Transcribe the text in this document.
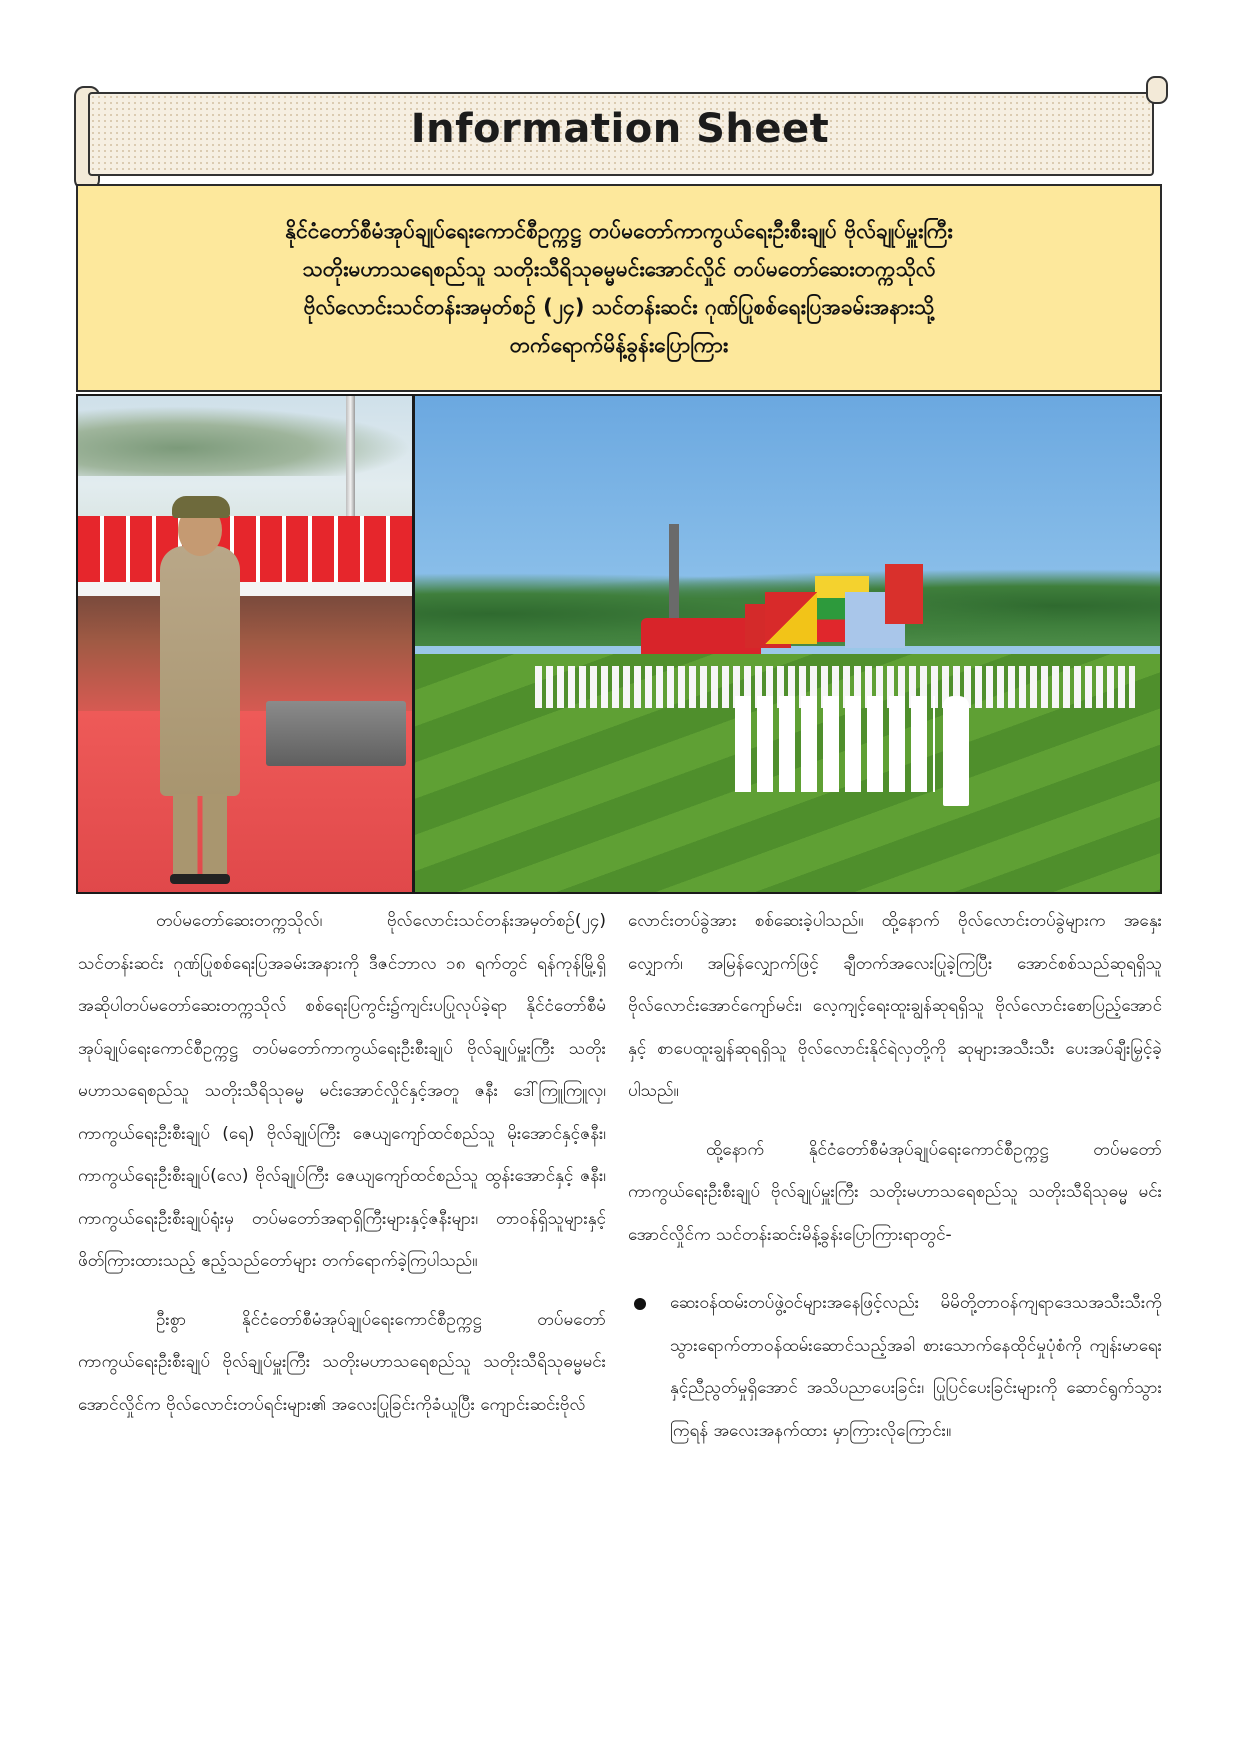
Information Sheet
နိုင်ငံတော်စီမံအုပ်ချုပ်ရေးကောင်စီဥက္ကဋ္ဌ တပ်မတော်ကာကွယ်ရေးဦးစီးချုပ် ဗိုလ်ချုပ်မှူးကြီး
သတိုးမဟာသရေစည်သူ သတိုးသီရိသုဓမ္မမင်းအောင်လှိုင် တပ်မတော်ဆေးတက္ကသိုလ်
ဗိုလ်လောင်းသင်တန်းအမှတ်စဉ် (၂၄) သင်တန်းဆင်း ဂုဏ်ပြုစစ်ရေးပြအခမ်းအနားသို့
တက်ရောက်မိန့်ခွန်းပြောကြား

တပ်မတော်ဆေးတက္ကသိုလ်၊ ဗိုလ်လောင်းသင်တန်းအမှတ်စဉ်(၂၄) သင်တန်းဆင်း ဂုဏ်ပြုစစ်ရေးပြအခမ်းအနားကို ဒီဇင်ဘာလ ၁၈ ရက်တွင် ရန်ကုန်မြို့ရှိ အဆိုပါတပ်မတော်ဆေးတက္ကသိုလ် စစ်ရေးပြကွင်း၌ကျင်းပပြုလုပ်ခဲ့ရာ နိုင်ငံတော်စီမံအုပ်ချုပ်ရေးကောင်စီဥက္ကဋ္ဌ တပ်မတော်ကာကွယ်ရေးဦးစီးချုပ် ဗိုလ်ချုပ်မှူးကြီး သတိုး မဟာသရေစည်သူ သတိုးသီရိသုဓမ္မ မင်းအောင်လှိုင်နှင့်အတူ ဇနီး ဒေါ်ကြူကြူလှ၊ ကာကွယ်ရေးဦးစီးချုပ် (ရေ) ဗိုလ်ချုပ်ကြီး ဇေယျကျော်ထင်စည်သူ မိုးအောင်နှင့်ဇနီး၊ ကာကွယ်ရေးဦးစီးချုပ်(လေ) ဗိုလ်ချုပ်ကြီး ဇေယျကျော်ထင်စည်သူ ထွန်းအောင်နှင့် ဇနီး၊ ကာကွယ်ရေးဦးစီးချုပ်ရုံးမှ တပ်မတော်အရာရှိကြီးများနှင့်ဇနီးများ၊ တာဝန်ရှိသူများနှင့် ဖိတ်ကြားထားသည့် ဧည့်သည်တော်များ တက်ရောက်ခဲ့ကြပါသည်။

ဦးစွာ နိုင်ငံတော်စီမံအုပ်ချုပ်ရေးကောင်စီဥက္ကဋ္ဌ တပ်မတော်ကာကွယ်ရေးဦးစီးချုပ် ဗိုလ်ချုပ်မှူးကြီး သတိုးမဟာသရေစည်သူ သတိုးသီရိသုဓမ္မမင်းအောင်လှိုင်က ဗိုလ်လောင်းတပ်ရင်းများ၏ အလေးပြုခြင်းကိုခံယူပြီး ကျောင်းဆင်းဗိုလ်

လောင်းတပ်ခွဲအား စစ်ဆေးခဲ့ပါသည်။ ထို့နောက် ဗိုလ်လောင်းတပ်ခွဲများက အနှေးလျှောက်၊ အမြန်လျှောက်ဖြင့် ချီတက်အလေးပြုခဲ့ကြပြီး အောင်စစ်သည်ဆုရရှိသူ ဗိုလ်လောင်းအောင်ကျော်မင်း၊ လေ့ကျင့်ရေးထူးချွန်ဆုရရှိသူ ဗိုလ်လောင်းစောပြည့်အောင်နှင့် စာပေထူးချွန်ဆုရရှိသူ ဗိုလ်လောင်းနိုင်ရဲလှတို့ကို ဆုများအသီးသီး ပေးအပ်ချီးမြှင့်ခဲ့ပါသည်။

ထို့နောက် နိုင်ငံတော်စီမံအုပ်ချုပ်ရေးကောင်စီဥက္ကဋ္ဌ တပ်မတော်ကာကွယ်ရေးဦးစီးချုပ် ဗိုလ်ချုပ်မှူးကြီး သတိုးမဟာသရေစည်သူ သတိုးသီရိသုဓမ္မ မင်းအောင်လှိုင်က သင်တန်းဆင်းမိန့်ခွန်းပြောကြားရာတွင်-

ဆေးဝန်ထမ်းတပ်ဖွဲ့ဝင်များအနေဖြင့်လည်း မိမိတို့တာဝန်ကျရာဒေသအသီးသီးကို သွားရောက်တာဝန်ထမ်းဆောင်သည့်အခါ စားသောက်နေထိုင်မှုပုံစံကို ကျန်းမာရေးနှင့်ညီညွတ်မှုရှိအောင် အသိပညာပေးခြင်း၊ ပြုပြင်ပေးခြင်းများကို ဆောင်ရွက်သွားကြရန် အလေးအနက်ထား မှာကြားလိုကြောင်း။
